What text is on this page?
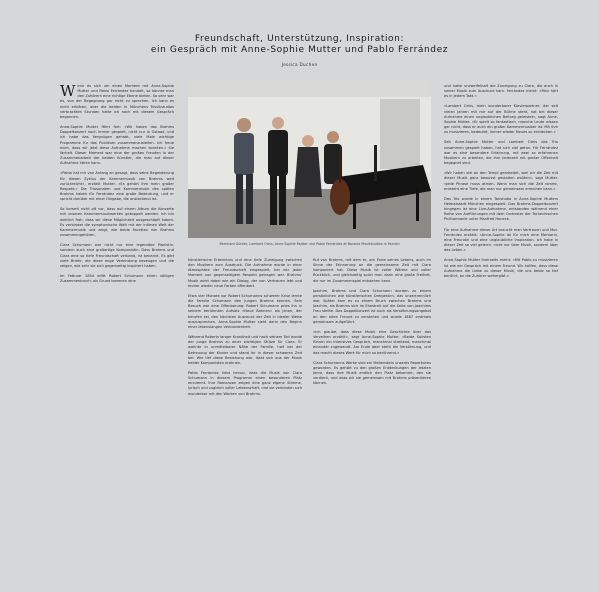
Freundschaft, Unterstützung, Inspiration:
ein Gespräch mit Anne-Sophie Mutter und Pablo Ferrández
Jessica Duchen

W enn es sich um einen Moment mit Anne-Sophie Mutter und Pablo Ferrández handelt, so könnte man den Zuhörern eine richtige Ebene bieten. So sehr war es, von der Begegnung gar nicht zu sprechen. Ich kann es nicht erklären, aber die beiden in Münchens Musikstudios verbrachten Stunden hatte ich noch mit diesem Gespräch begonnen.

Anne-Sophie Mutter fährt fort: »Wir haben das Brahms Doppelkonzert noch immer gespielt, nicht nur in Gstaad, und ich habe das Vergnügen gehabt, viele Male wichtige Programme für das Publikum zusammenzustellen. Ich freue mich, dass wir jetzt diese Aufnahme machen konnten.« Sie lächelt. Dieser Moment war eine der großen Freuden in der Zusammenarbeit der beiden Künstler, die man auf dieser Aufnahme hören kann.

»Pablo hat mir von Anfang an gesagt, dass seine Begeisterung für diesen Zyklus der Kammermusik von Brahms weit zurückreicht«, erzählt Mutter. »Es gehört ihm mein großer Respekt.« Die Triosonaten und Kammermusik des späten Brahms haben für Ferrández eine große Bedeutung, und er spricht darüber mit einer Hingabe, die ansteckend ist.

So kommt nicht oft vor, dass auf einem Album die Konzerte mit unseren Kammermusikwerken gekoppelt werden. Ich bin wirklich froh, dass wir diese Möglichkeit ausgeschöpft haben. Es verbindet die symphonische Welt mit der intimen Welt der Kammermusik und zeigt, wie beide Facetten von Brahms zusammengehören.

Clara Schumann war nicht nur eine legendäre Pianistin, sondern auch eine großartige Komponistin. Dass Brahms und Clara eine so tiefe Freundschaft verband, ist bekannt. Es gibt viele Briefe, die diese enge Verbindung bezeugen und die zeigen, wie sehr sie sich gegenseitig inspiriert haben.

Im Februar 1854 erlitt Robert Schumann einen völligen Zusammenbruch; als Grund kommen eine

Bernhard Güttler, Lambert Orkis, Anne-Sophie Mutter und Pablo Ferrández at Bavaria Musikstudios in Munich

künstlerische Erkenntnis und eine tiefe Zuneigung zwischen den Musikern zum Ausdruck. Die Aufnahme wurde in einer Atmosphäre der Freundschaft eingespielt, bei der jeder Moment von gegenseitigem Respekt getragen war. Brahms’ Musik wirkt dabei wie ein Dialog, der von Vertrauen lebt und immer wieder neue Farben offenbart.

Etwa vier Monate vor Robert Schumanns schwerer Krise lernte die Familie Schumann den jungen Brahms kennen. Sein Besuch war eine Offenbarung: Robert Schumann pries ihn in seinem berühmten Aufsatz »Neue Bahnen« als jenen, der berufen sei, den höchsten Ausdruck der Zeit in idealer Weise auszusprechen. Anne-Sophie Mutter sieht darin den Beginn einer lebenslangen Verbundenheit.

Während Roberts langer Krankheit und nach seinem Tod wurde der junge Brahms zu einer wichtigen Stütze für Clara. Er wohnte in unmittelbarer Nähe der Familie, half bei der Betreuung der Kinder und stand ihr in dieser schweren Zeit bei. Wie tief diese Beziehung war, lässt sich aus der Musik beider Komponisten erahnen.

Pablo Ferrández hebt hervor, dass die Musik von Clara Schumann in diesem Programm einen besonderen Platz einnimmt. Ihre Romanzen zeigen eine ganz eigene Stimme, lyrisch und zugleich voller Leidenschaft, und sie verbinden sich wunderbar mit den Werken von Brahms.

Ruf von Brahms, mit dem er, am Ende seines Lebens, auch im Sinne der Erinnerung an die gemeinsame Zeit mit Clara komponiert hat. Diese Musik ist voller Wärme und voller Rückblick, und gleichzeitig spürt man darin eine große Freiheit, die nur im Zusammenspiel entstehen kann.

Joachim, Brahms und Clara Schumann wurden zu einem persönlichen wie künstlerischen Dreigestirn, das unzertrennlich war. Später kam es zu einem Bruch zwischen Brahms und Joachim, als Brahms sich im Ehestreit auf die Seite von Joachims Frau stellte. Das Doppelkonzert ist auch als Versöhnungsangebot an den alten Freund zu verstehen und wurde 1887 erstmals gemeinsam aufgeführt.

»Ich glaube, dass diese Musik eine Geschichte über das Verzeihen erzählt«, sagt Anne-Sophie Mutter. »Beide Solisten führen ein intensives Gespräch, manchmal streitend, manchmal einander zugewandt. Am Ende aber steht die Versöhnung, und das macht dieses Werk für mich so berührend.«

Clara Schumanns Werke sind ein Meilenstein unseres Repertoires geworden. Es gehört zu den großen Entdeckungen der letzten Jahre, dass ihre Musik endlich den Platz bekommt, den sie verdient, und dass wir sie gemeinsam mit Brahms präsentieren können.

und hatte unzweifelhaft die Zuneigung zu Clara, die auch in seiner Musik zum Ausdruck kam. Ferrández meint: »Man hört es in jedem Takt.«

»Lambert Orkis, mein wunderbarer Klavierpartner, der seit vielen Jahren mit mir auf der Bühne steht, hat bei dieser Aufnahme einen unglaublichen Beitrag geleistet«, sagt Anne-Sophie Mutter. »Er spielt so fantastisch, manche Leute wissen gar nicht, dass er auch ein großer Kammermusiker ist. Mit ihm zu musizieren, bedeutet, immer wieder Neues zu entdecken.«

Seit Anne-Sophie Mutter und Lambert Orkis das Trio zusammen gespielt haben, hat sich viel getan. Für Ferrández war es eine besondere Erfahrung, mit zwei so erfahrenen Musikern zu arbeiten, die ihm jederzeit mit großer Offenheit begegnet sind.

»Wir haben viel an den Tempi gearbeitet, weil wir die Zeit mit dieser Musik ganz bewusst gestalten wollten«, sagt Mutter. »Jede Phrase muss atmen. Wenn man sich die Zeit nimmt, entsteht eine Tiefe, die man nur gemeinsam erreichen kann.«

Das Trio wurde in einem Tonstudio in Anne-Sophie Mutters Heimatstadt München eingespielt. Das Brahms-Doppelkonzert hingegen ist eine Live-Aufnahme, entstanden während einer Reihe von Aufführungen mit dem Orchester der Tschechischen Philharmonie unter Manfred Honeck.

Für eine Aufnahme dieser Art braucht man Vertrauen und Mut. Ferrández erzählt: »Anne-Sophie ist für mich eine Mentorin, eine Freundin und eine unglaubliche Inspiration. Ich habe in dieser Zeit so viel gelernt, nicht nur über Musik, sondern über das Leben.«

Anne-Sophie Mutter ihrerseits meint: »Mit Pablo zu musizieren ist wie ein Gespräch mit einem Freund. Wir hoffen, dass diese Aufnahme die Liebe zu dieser Musik, die uns beide so tief berührt, an die Zuhörer weitergibt.«
